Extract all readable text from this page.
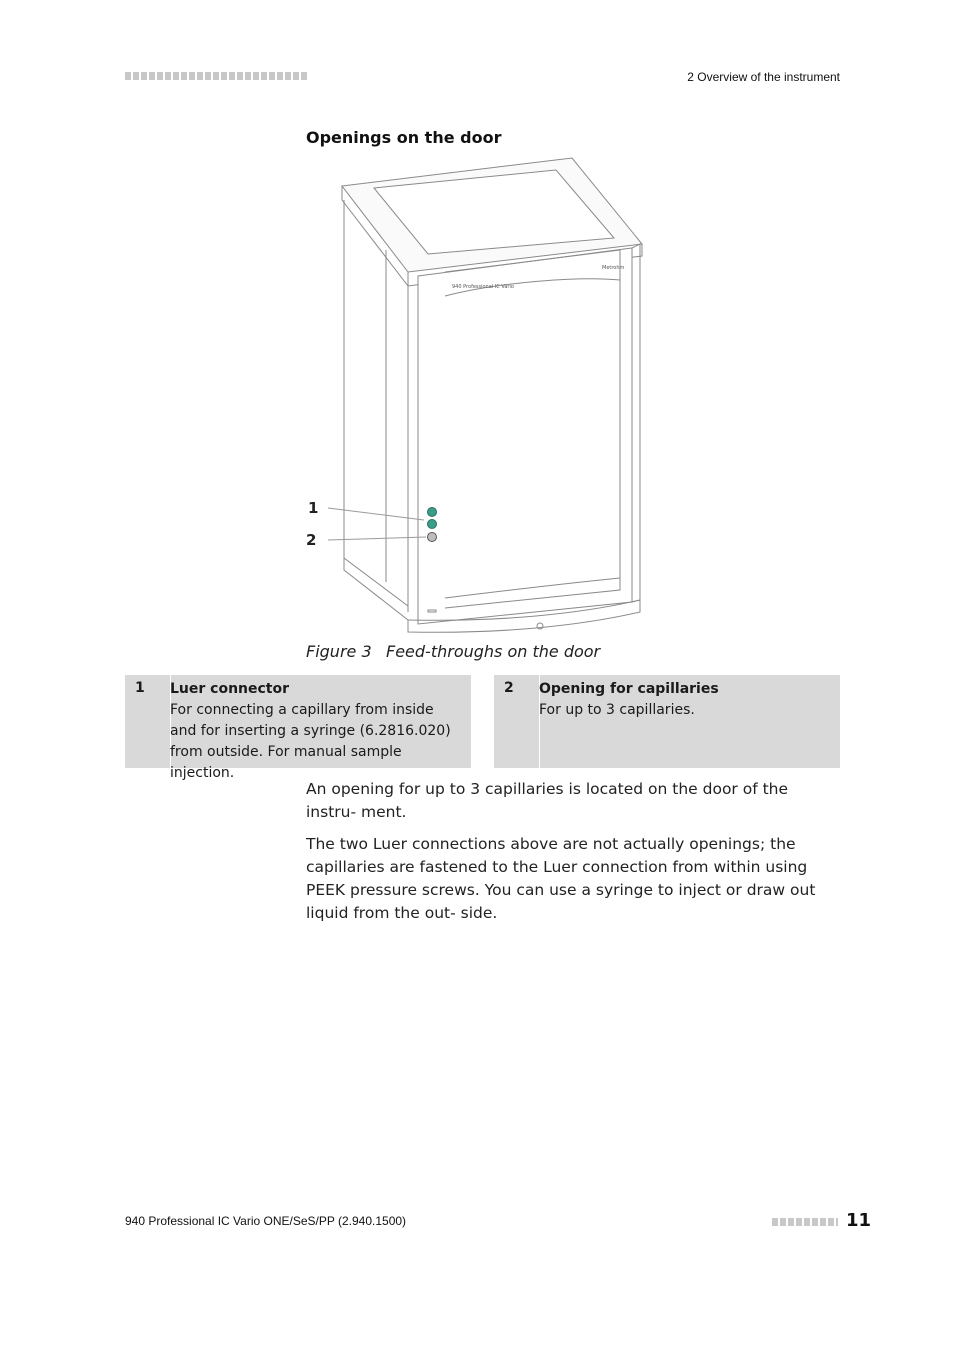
2 Overview of the instrument
Openings on the door
940 Professional IC Vario
Metrohm
1
2
Figure 3 Feed-throughs on the door
1 Luer connector
For connecting a capillary from inside and for inserting a syringe (6.2816.020) from outside. For manual sample injection.
2 Opening for capillaries
For up to 3 capillaries.

An opening for up to 3 capillaries is located on the door of the instru- ment.

The two Luer connections above are not actually openings; the capillaries are fastened to the Luer connection from within using PEEK pressure screws. You can use a syringe to inject or draw out liquid from the out- side.

940 Professional IC Vario ONE/SeS/PP (2.940.1500)	11
